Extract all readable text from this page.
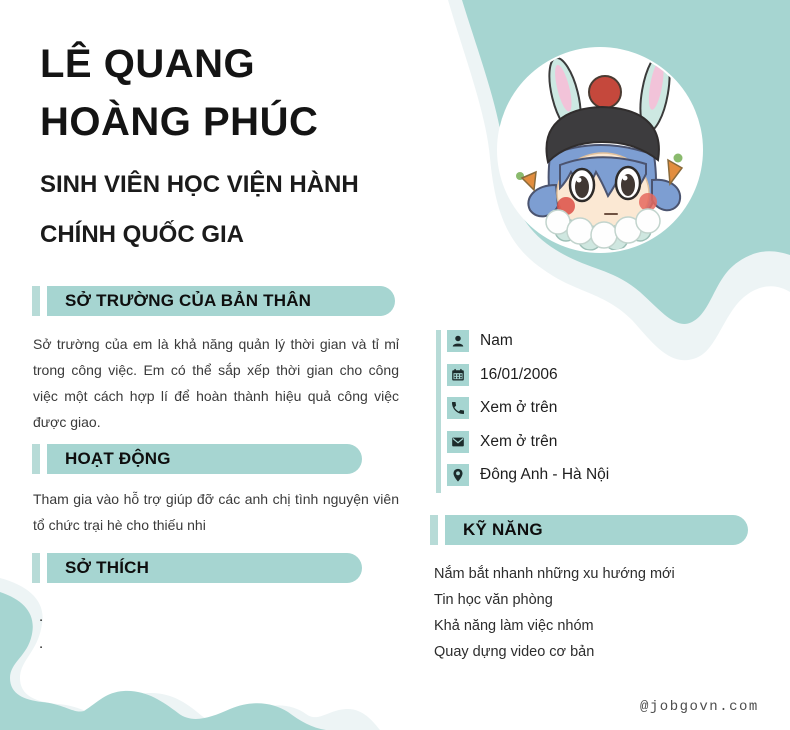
LÊ QUANG
HOÀNG PHÚC
SINH VIÊN HỌC VIỆN HÀNH
CHÍNH QUỐC GIA
SỞ TRƯỜNG CỦA BẢN THÂN
Sở trường của em là khả năng quản lý thời gian và tỉ mỉ trong công việc. Em có thể sắp xếp thời gian cho công việc một cách hợp lí để hoàn thành hiệu quả công việc được giao.
HOẠT ĐỘNG
Tham gia vào hỗ trợ giúp đỡ các anh chị tình nguyện viên tổ chức trại hè cho thiếu nhi
SỞ THÍCH
.
.
Nam
16/01/2006
Xem ở trên
Xem ở trên
Đông Anh - Hà Nội
KỸ NĂNG
Nắm bắt nhanh những xu hướng mới
Tin học văn phòng
Khả năng làm việc nhóm
Quay dựng video cơ bản
@jobgovn.com
